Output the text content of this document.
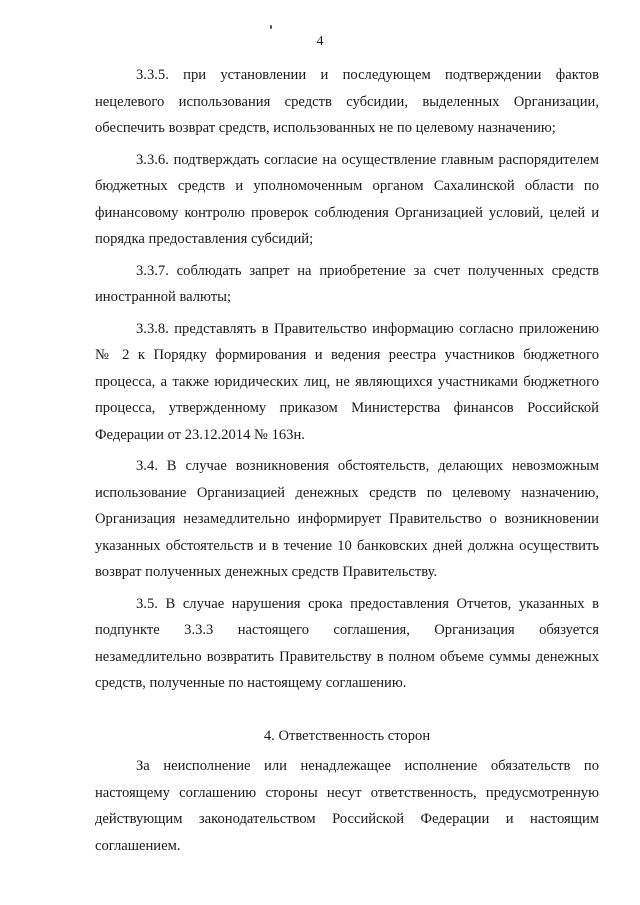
4

3.3.5. при установлении и последующем подтверждении фактов нецелевого использования средств субсидии, выделенных Организации, обеспечить возврат средств, использованных не по целевому назначению;

3.3.6. подтверждать согласие на осуществление главным распорядителем бюджетных средств и уполномоченным органом Сахалинской области по финансовому контролю проверок соблюдения Организацией условий, целей и порядка предоставления субсидий;

3.3.7. соблюдать запрет на приобретение за счет полученных средств иностранной валюты;

3.3.8. представлять в Правительство информацию согласно приложению № 2 к Порядку формирования и ведения реестра участников бюджетного процесса, а также юридических лиц, не являющихся участниками бюджетного процесса, утвержденному приказом Министерства финансов Российской Федерации от 23.12.2014 № 163н.

3.4. В случае возникновения обстоятельств, делающих невозможным использование Организацией денежных средств по целевому назначению, Организация незамедлительно информирует Правительство о возникновении указанных обстоятельств и в течение 10 банковских дней должна осуществить возврат полученных денежных средств Правительству.

3.5. В случае нарушения срока предоставления Отчетов, указанных в подпункте 3.3.3 настоящего соглашения, Организация обязуется незамедлительно возвратить Правительству в полном объеме суммы денежных средств, полученные по настоящему соглашению.

4. Ответственность сторон

За неисполнение или ненадлежащее исполнение обязательств по настоящему соглашению стороны несут ответственность, предусмотренную действующим законодательством Российской Федерации и настоящим соглашением.
